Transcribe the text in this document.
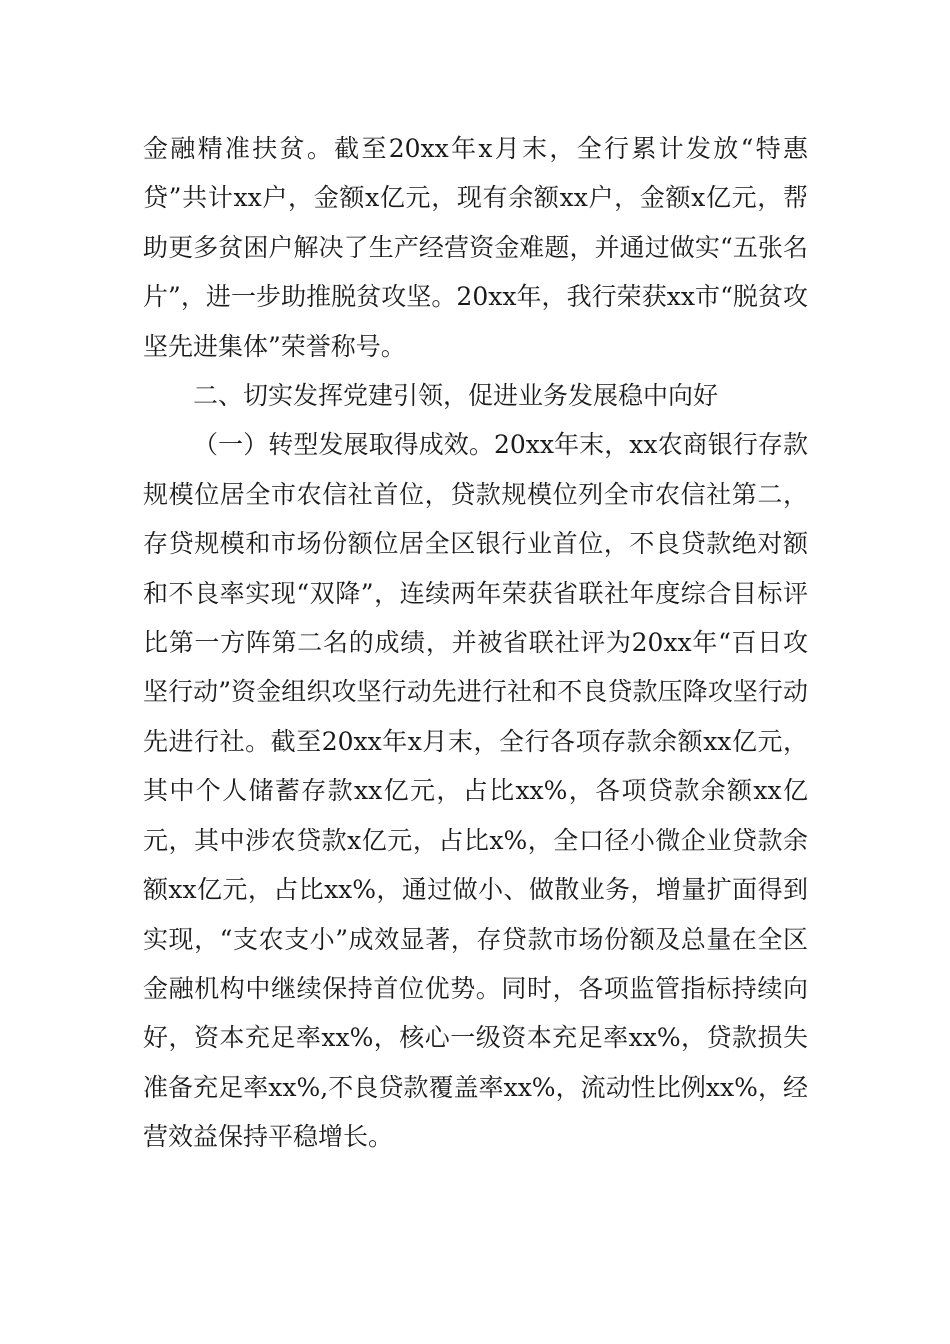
金融精准扶贫。截至20xx年x月末，全行累计发放“特惠贷”共计xx户，金额x亿元，现有余额xx户，金额x亿元，帮助更多贫困户解决了生产经营资金难题，并通过做实“五张名片”，进一步助推脱贫攻坚。20xx年，我行荣获xx市“脱贫攻坚先进集体”荣誉称号。

二、切实发挥党建引领，促进业务发展稳中向好

（一）转型发展取得成效。20xx年末，xx农商银行存款规模位居全市农信社首位，贷款规模位列全市农信社第二，存贷规模和市场份额位居全区银行业首位，不良贷款绝对额和不良率实现“双降”，连续两年荣获省联社年度综合目标评比第一方阵第二名的成绩，并被省联社评为20xx年“百日攻坚行动”资金组织攻坚行动先进行社和不良贷款压降攻坚行动先进行社。截至20xx年x月末，全行各项存款余额xx亿元，其中个人储蓄存款xx亿元，占比xx%，各项贷款余额xx亿元，其中涉农贷款x亿元，占比x%，全口径小微企业贷款余额xx亿元，占比xx%，通过做小、做散业务，增量扩面得到实现，“支农支小”成效显著，存贷款市场份额及总量在全区金融机构中继续保持首位优势。同时，各项监管指标持续向好，资本充足率xx%，核心一级资本充足率xx%，贷款损失准备充足率xx%,不良贷款覆盖率xx%，流动性比例xx%，经营效益保持平稳增长。
